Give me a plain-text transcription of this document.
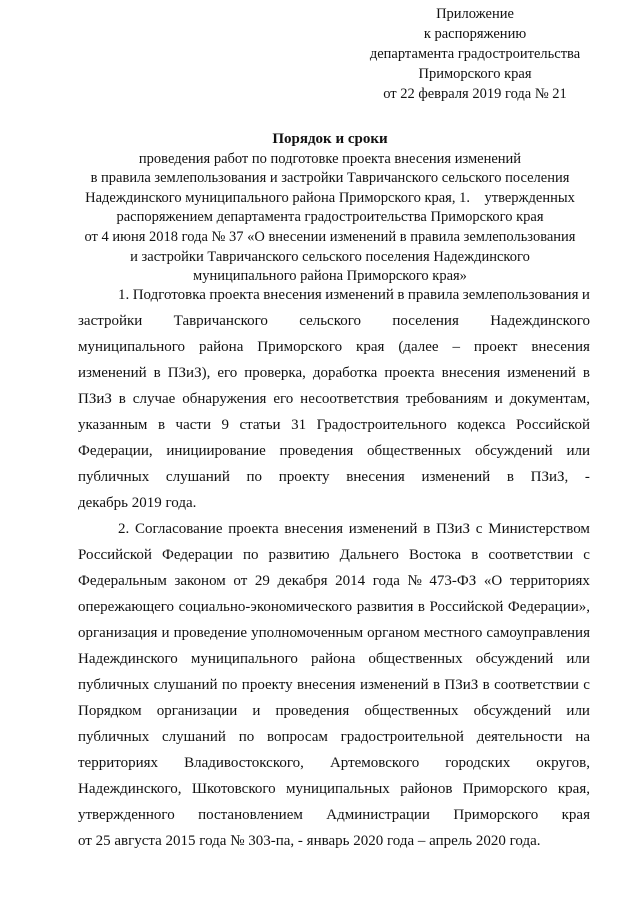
Приложение
к распоряжению
департамента градостроительства
Приморского края
от 22 февраля 2019 года № 21
Порядок и сроки
проведения работ по подготовке проекта внесения изменений
в правила землепользования и застройки Тавричанского сельского поселения
Надеждинского муниципального района Приморского края, 1.    утвержденных
распоряжением департамента градостроительства Приморского края
от 4 июня 2018 года № 37 «О внесении изменений в правила землепользования
и застройки Тавричанского сельского поселения Надеждинского
муниципального района Приморского края»
1. Подготовка проекта внесения изменений в правила землепользования и
застройки Тавричанского сельского поселения Надеждинского
муниципального района Приморского края (далее – проект внесения
изменений в ПЗиЗ), его проверка, доработка проекта внесения изменений в
ПЗиЗ в случае обнаружения его несоответствия требованиям и документам,
указанным в части 9 статьи 31 Градостроительного кодекса Российской
Федерации, инициирование проведения общественных обсуждений или
публичных слушаний по проекту внесения изменений в ПЗиЗ, -
декабрь 2019 года.
2. Согласование проекта внесения изменений в ПЗиЗ с Министерством
Российской Федерации по развитию Дальнего Востока в соответствии с
Федеральным законом от 29 декабря 2014 года № 473-ФЗ «О территориях
опережающего социально-экономического развития в Российской Федерации»,
организация и проведение уполномоченным органом местного самоуправления
Надеждинского муниципального района общественных обсуждений или
публичных слушаний по проекту внесения изменений в ПЗиЗ в соответствии с
Порядком организации и проведения общественных обсуждений или
публичных слушаний по вопросам градостроительной деятельности на
территориях Владивостокского, Артемовского городских округов,
Надеждинского, Шкотовского муниципальных районов Приморского края,
утвержденного постановлением Администрации Приморского края
от 25 августа 2015 года № 303-па, - январь 2020 года – апрель 2020 года.
